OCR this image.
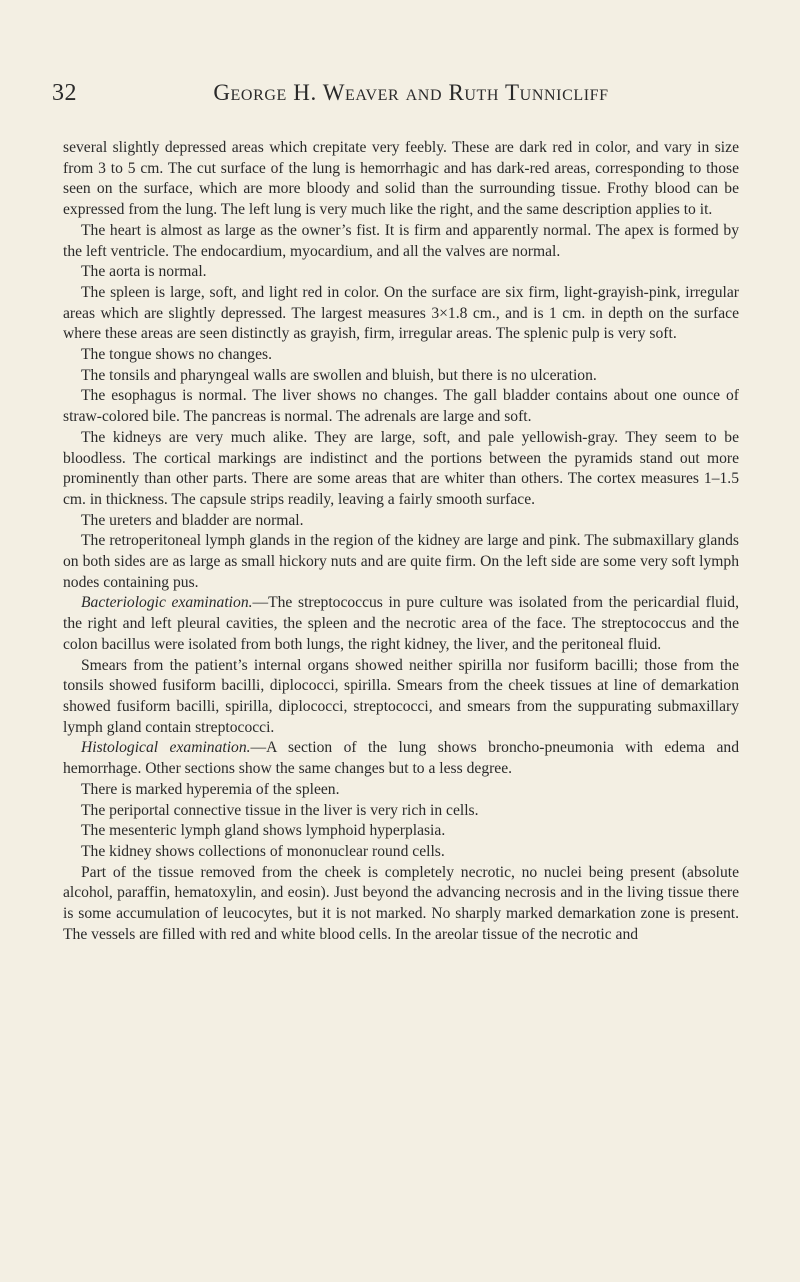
32	George H. Weaver and Ruth Tunnicliff

several slightly depressed areas which crepitate very feebly. These are dark red in color, and vary in size from 3 to 5 cm. The cut surface of the lung is hemorrhagic and has dark-red areas, corresponding to those seen on the surface, which are more bloody and solid than the surrounding tissue. Frothy blood can be expressed from the lung. The left lung is very much like the right, and the same description applies to it.

The heart is almost as large as the owner’s fist. It is firm and apparently normal. The apex is formed by the left ventricle. The endocardium, myocardium, and all the valves are normal.

The aorta is normal.

The spleen is large, soft, and light red in color. On the surface are six firm, light-grayish-pink, irregular areas which are slightly depressed. The largest measures 3×1.8 cm., and is 1 cm. in depth on the surface where these areas are seen distinctly as grayish, firm, irregular areas. The splenic pulp is very soft.

The tongue shows no changes.

The tonsils and pharyngeal walls are swollen and bluish, but there is no ulceration.

The esophagus is normal. The liver shows no changes. The gall bladder contains about one ounce of straw-colored bile. The pancreas is normal. The adrenals are large and soft.

The kidneys are very much alike. They are large, soft, and pale yellowish-gray. They seem to be bloodless. The cortical markings are indistinct and the portions between the pyramids stand out more prominently than other parts. There are some areas that are whiter than others. The cortex measures 1–1.5 cm. in thickness. The capsule strips readily, leaving a fairly smooth surface.

The ureters and bladder are normal.

The retroperitoneal lymph glands in the region of the kidney are large and pink. The submaxillary glands on both sides are as large as small hickory nuts and are quite firm. On the left side are some very soft lymph nodes containing pus.

Bacteriologic examination.—The streptococcus in pure culture was isolated from the pericardial fluid, the right and left pleural cavities, the spleen and the necrotic area of the face. The streptococcus and the colon bacillus were isolated from both lungs, the right kidney, the liver, and the peritoneal fluid.

Smears from the patient’s internal organs showed neither spirilla nor fusiform bacilli; those from the tonsils showed fusiform bacilli, diplococci, spirilla. Smears from the cheek tissues at line of demarkation showed fusiform bacilli, spirilla, diplococci, streptococci, and smears from the suppurating submaxillary lymph gland contain streptococci.

Histological examination.—A section of the lung shows broncho-pneumonia with edema and hemorrhage. Other sections show the same changes but to a less degree.

There is marked hyperemia of the spleen.

The periportal connective tissue in the liver is very rich in cells.

The mesenteric lymph gland shows lymphoid hyperplasia.

The kidney shows collections of mononuclear round cells.

Part of the tissue removed from the cheek is completely necrotic, no nuclei being present (absolute alcohol, paraffin, hematoxylin, and eosin). Just beyond the advancing necrosis and in the living tissue there is some accumulation of leucocytes, but it is not marked. No sharply marked demarkation zone is present. The vessels are filled with red and white blood cells. In the areolar tissue of the necrotic and
